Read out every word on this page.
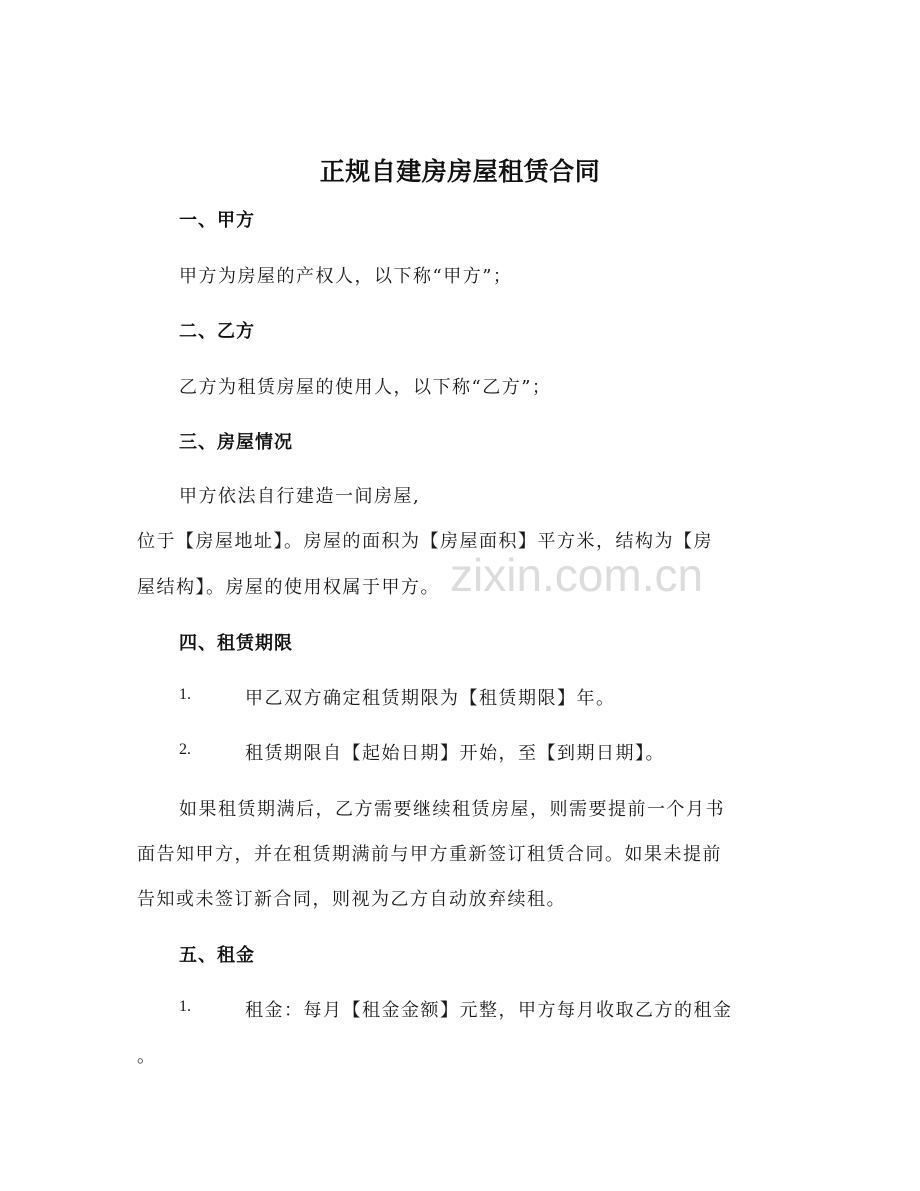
zixin.com.cn
正规自建房房屋租赁合同
一、甲方
甲方为房屋的产权人，以下称“甲方”；
二、乙方
乙方为租赁房屋的使用人，以下称“乙方”；
三、房屋情况
甲方依法自行建造一间房屋,
位于【房屋地址】。房屋的面积为【房屋面积】平方米，结构为【房
屋结构】。房屋的使用权属于甲方。
四、租赁期限
1.	甲乙双方确定租赁期限为【租赁期限】年。
2.	租赁期限自【起始日期】开始，至【到期日期】。
如果租赁期满后，乙方需要继续租赁房屋，则需要提前一个月书
面告知甲方，并在租赁期满前与甲方重新签订租赁合同。如果未提前
告知或未签订新合同，则视为乙方自动放弃续租。
五、租金
1.	租金：每月【租金金额】元整，甲方每月收取乙方的租金
。
